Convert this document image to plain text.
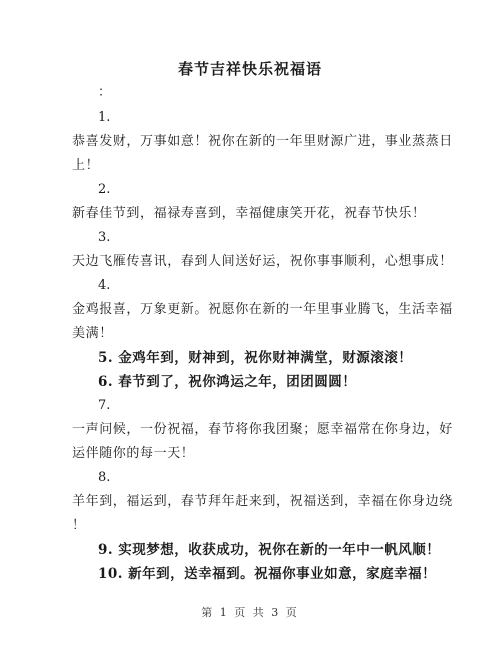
春节吉祥快乐祝福语
：
1.
恭喜发财，万事如意！祝你在新的一年里财源广进，事业蒸蒸日
上！
2.
新春佳节到，福禄寿喜到，幸福健康笑开花，祝春节快乐！
3.
天边飞雁传喜讯，春到人间送好运，祝你事事顺利，心想事成！
4.
金鸡报喜，万象更新。祝愿你在新的一年里事业腾飞，生活幸福
美满！
5. 金鸡年到，财神到，祝你财神满堂，财源滚滚！
6. 春节到了，祝你鸿运之年，团团圆圆！
7.
一声问候，一份祝福，春节将你我团聚；愿幸福常在你身边，好
运伴随你的每一天！
8.
羊年到，福运到，春节拜年赶来到，祝福送到，幸福在你身边绕
！
9. 实现梦想，收获成功，祝你在新的一年中一帆风顺！
10. 新年到，送幸福到。祝福你事业如意，家庭幸福！
第 1 页 共 3 页
